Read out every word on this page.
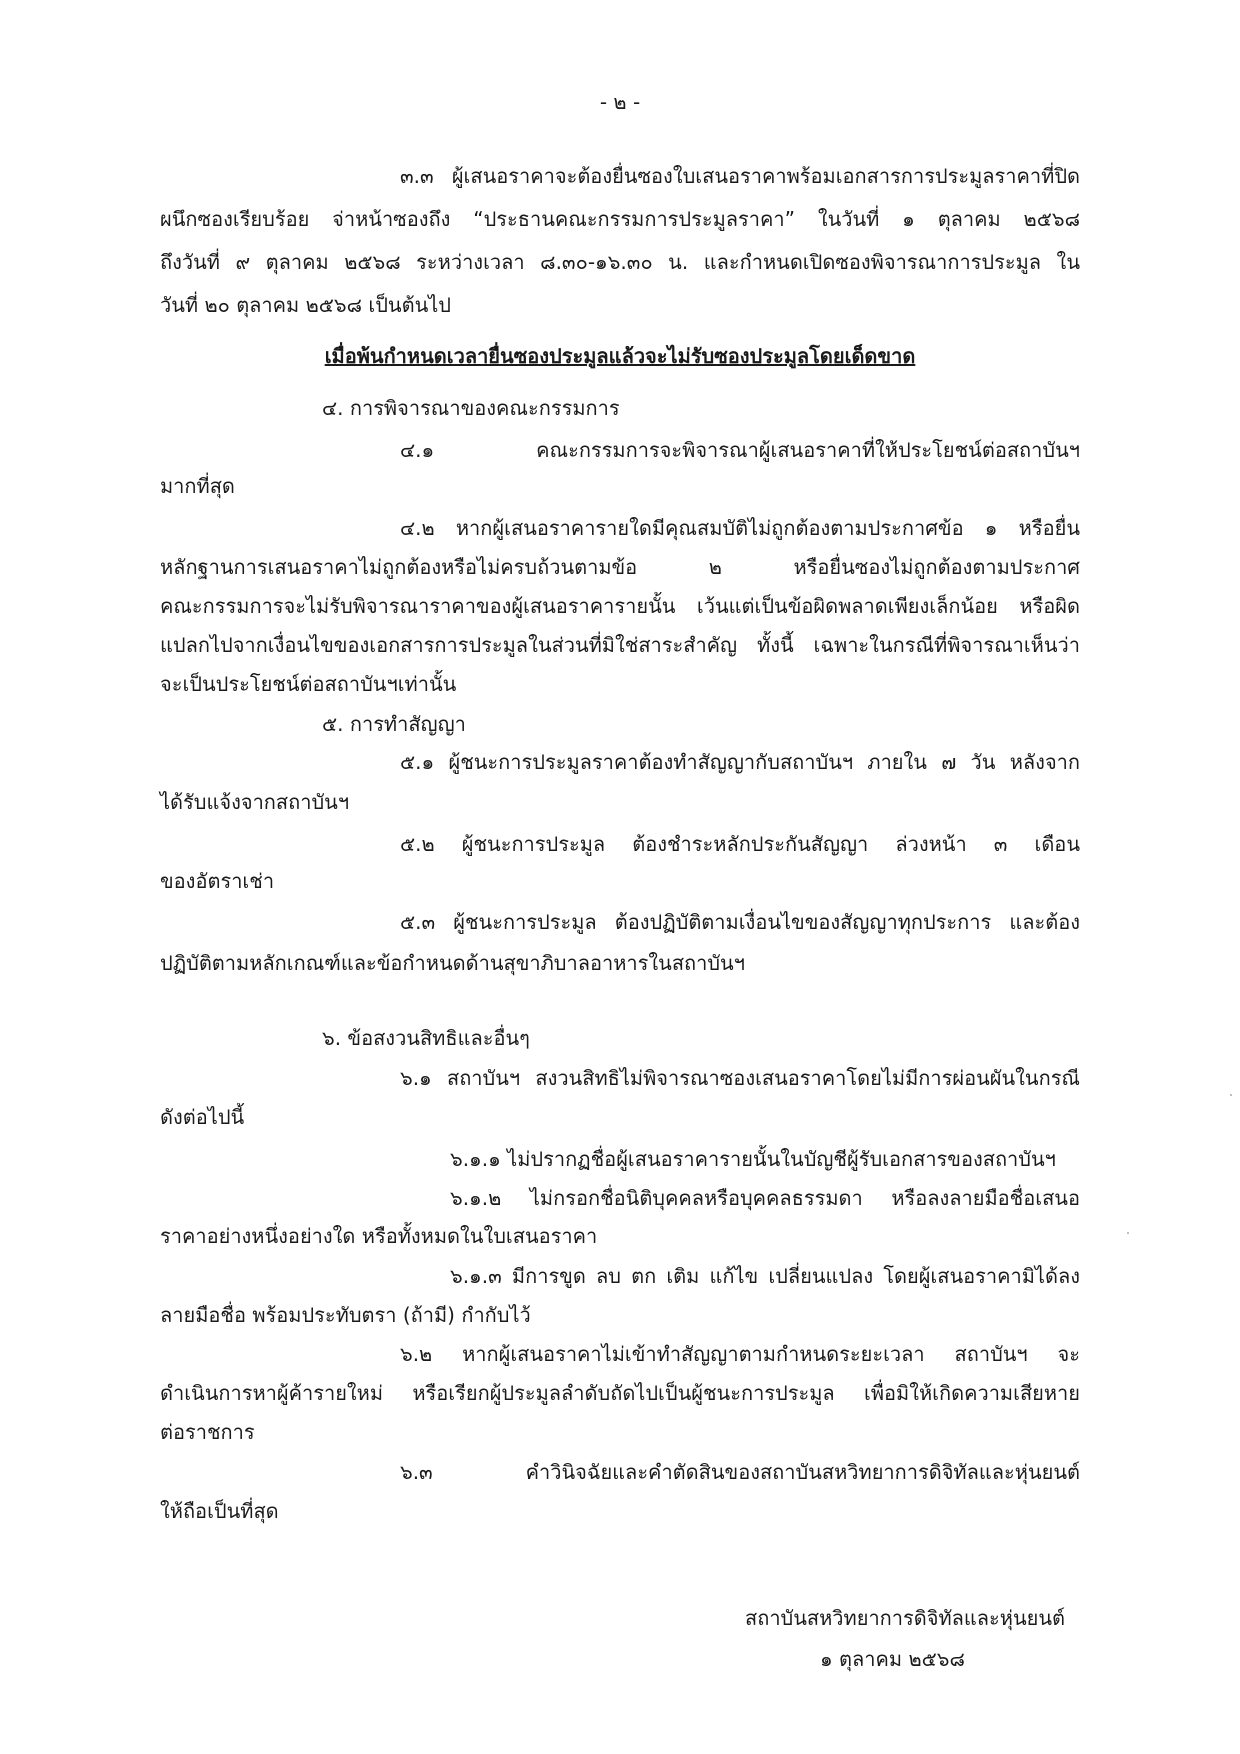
- ๒ -
๓.๓ ผู้เสนอราคาจะต้องยื่นซองใบเสนอราคาพร้อมเอกสารการประมูลราคาที่ปิด
ผนึกซองเรียบร้อย จ่าหน้าซองถึง “ประธานคณะกรรมการประมูลราคา” ในวันที่ ๑ ตุลาคม ๒๕๖๘
ถึงวันที่ ๙ ตุลาคม ๒๕๖๘ ระหว่างเวลา ๘.๓๐-๑๖.๓๐ น. และกำหนดเปิดซองพิจารณาการประมูล ใน
วันที่ ๒๐ ตุลาคม ๒๕๖๘ เป็นต้นไป
เมื่อพ้นกำหนดเวลายื่นซองประมูลแล้วจะไม่รับซองประมูลโดยเด็ดขาด
๔. การพิจารณาของคณะกรรมการ
๔.๑ คณะกรรมการจะพิจารณาผู้เสนอราคาที่ให้ประโยชน์ต่อสถาบันฯ
มากที่สุด
๔.๒ หากผู้เสนอราคารายใดมีคุณสมบัติไม่ถูกต้องตามประกาศข้อ ๑ หรือยื่น
หลักฐานการเสนอราคาไม่ถูกต้องหรือไม่ครบถ้วนตามข้อ ๒ หรือยื่นซองไม่ถูกต้องตามประกาศ
คณะกรรมการจะไม่รับพิจารณาราคาของผู้เสนอราคารายนั้น เว้นแต่เป็นข้อผิดพลาดเพียงเล็กน้อย หรือผิด
แปลกไปจากเงื่อนไขของเอกสารการประมูลในส่วนที่มิใช่สาระสำคัญ ทั้งนี้ เฉพาะในกรณีที่พิจารณาเห็นว่า
จะเป็นประโยชน์ต่อสถาบันฯเท่านั้น
๕. การทำสัญญา
๕.๑ ผู้ชนะการประมูลราคาต้องทำสัญญากับสถาบันฯ ภายใน ๗ วัน หลังจาก
ได้รับแจ้งจากสถาบันฯ
๕.๒ ผู้ชนะการประมูล ต้องชำระหลักประกันสัญญา ล่วงหน้า ๓ เดือน
ของอัตราเช่า
๕.๓ ผู้ชนะการประมูล ต้องปฏิบัติตามเงื่อนไขของสัญญาทุกประการ และต้อง
ปฏิบัติตามหลักเกณฑ์และข้อกำหนดด้านสุขาภิบาลอาหารในสถาบันฯ
๖. ข้อสงวนสิทธิและอื่นๆ
๖.๑ สถาบันฯ สงวนสิทธิไม่พิจารณาซองเสนอราคาโดยไม่มีการผ่อนผันในกรณี
ดังต่อไปนี้
๖.๑.๑ ไม่ปรากฏชื่อผู้เสนอราคารายนั้นในบัญชีผู้รับเอกสารของสถาบันฯ
๖.๑.๒ ไม่กรอกชื่อนิติบุคคลหรือบุคคลธรรมดา หรือลงลายมือชื่อเสนอ
ราคาอย่างหนึ่งอย่างใด หรือทั้งหมดในใบเสนอราคา
๖.๑.๓ มีการขูด ลบ ตก เติม แก้ไข เปลี่ยนแปลง โดยผู้เสนอราคามิได้ลง
ลายมือชื่อ พร้อมประทับตรา (ถ้ามี) กำกับไว้
๖.๒ หากผู้เสนอราคาไม่เข้าทำสัญญาตามกำหนดระยะเวลา สถาบันฯ จะ
ดำเนินการหาผู้ค้ารายใหม่ หรือเรียกผู้ประมูลลำดับถัดไปเป็นผู้ชนะการประมูล เพื่อมิให้เกิดความเสียหาย
ต่อราชการ
๖.๓ คำวินิจฉัยและคำตัดสินของสถาบันสหวิทยาการดิจิทัลและหุ่นยนต์
ให้ถือเป็นที่สุด
สถาบันสหวิทยาการดิจิทัลและหุ่นยนต์
๑ ตุลาคม ๒๕๖๘
